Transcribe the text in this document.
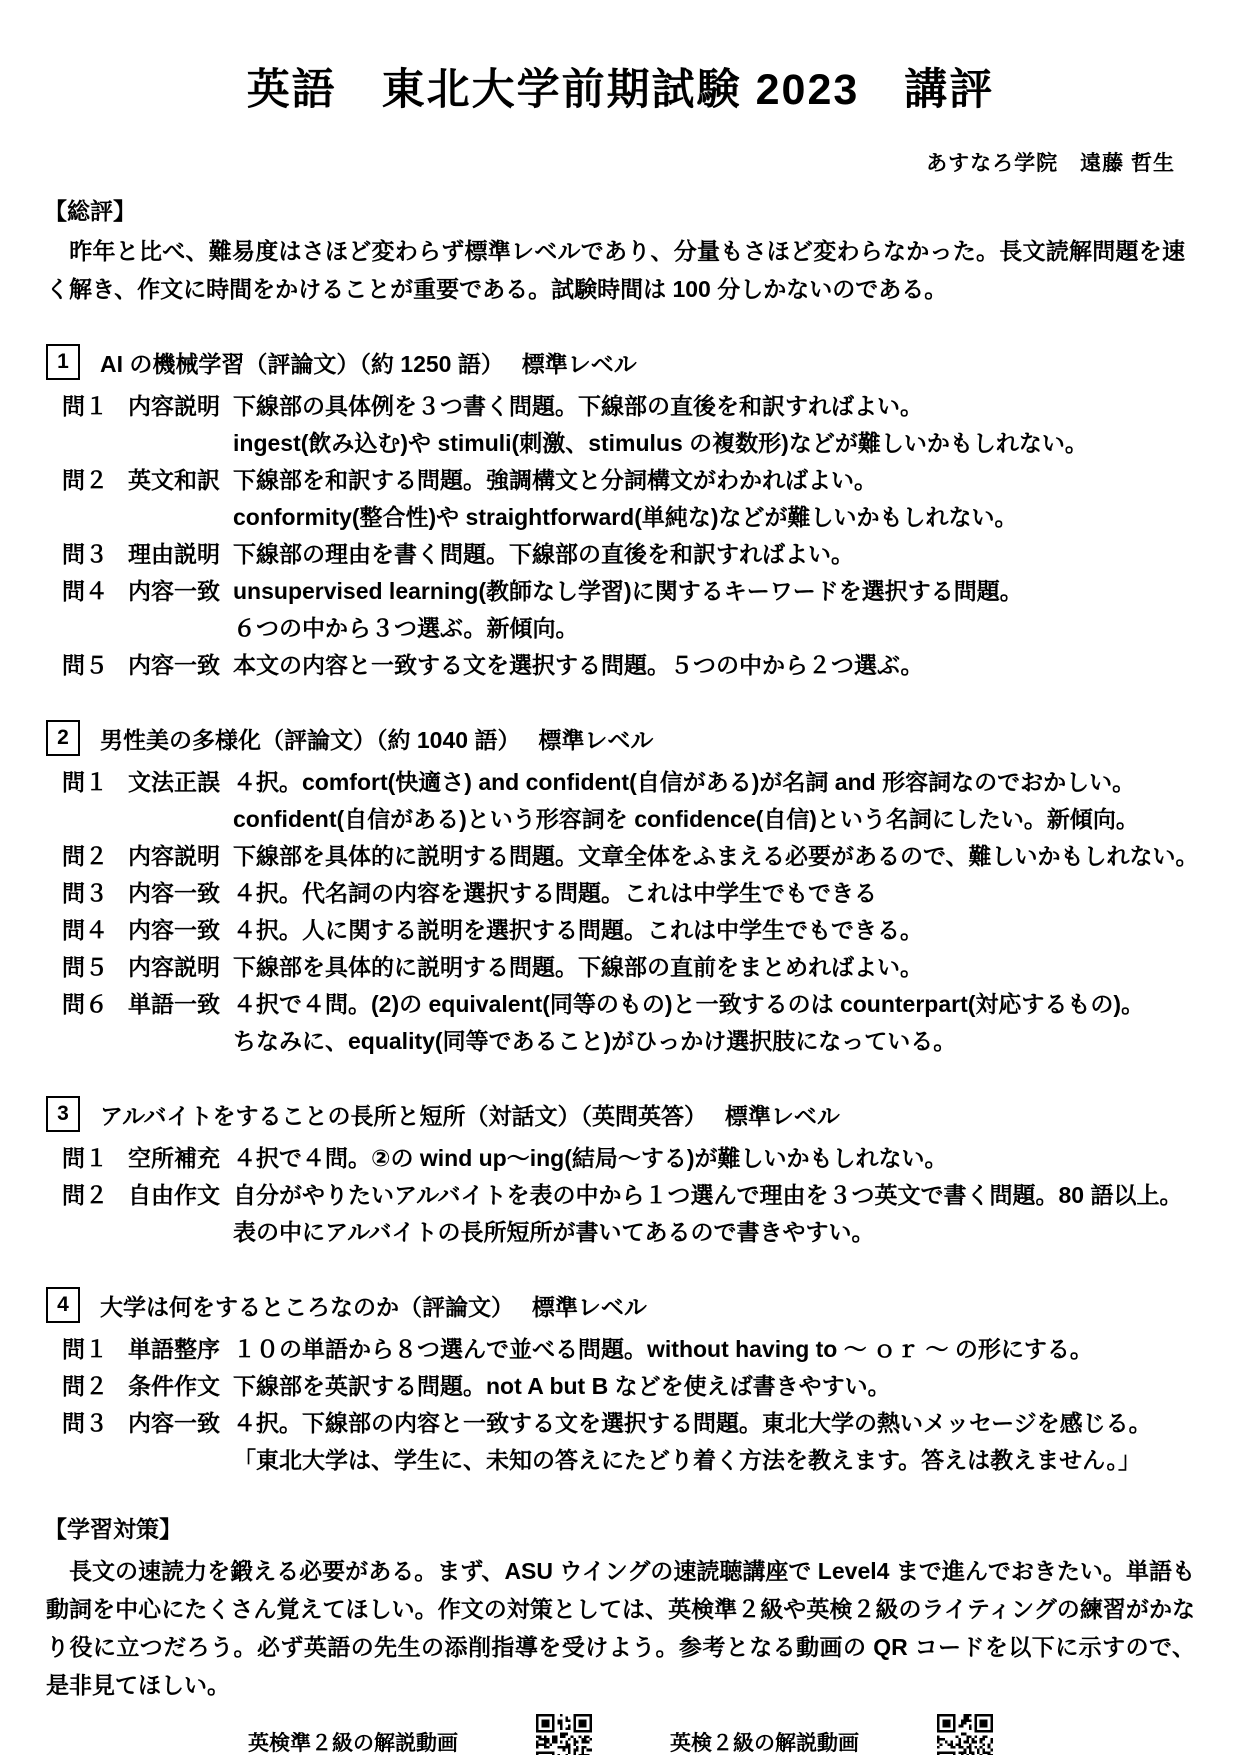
英語　東北大学前期試験 2023　講評
あすなろ学院　遠藤 哲生
【総評】
　昨年と比べ、難易度はさほど変わらず標準レベルであり、分量もさほど変わらなかった。長文読解問題を速く解き、作文に時間をかけることが重要である。試験時間は 100 分しかないのである。
1	AI の機械学習（評論文）（約 1250 語）　 標準レベル
問１ 内容説明 下線部の具体例を３つ書く問題。下線部の直後を和訳すればよい。
ingest(飲み込む)や stimuli(刺激、stimulus の複数形)などが難しいかもしれない。
問２ 英文和訳 下線部を和訳する問題。強調構文と分詞構文がわかればよい。
conformity(整合性)や straightforward(単純な)などが難しいかもしれない。
問３ 理由説明 下線部の理由を書く問題。下線部の直後を和訳すればよい。
問４ 内容一致 unsupervised learning(教師なし学習)に関するキーワードを選択する問題。
６つの中から３つ選ぶ。新傾向。
問５ 内容一致 本文の内容と一致する文を選択する問題。５つの中から２つ選ぶ。
2	男性美の多様化（評論文）（約 1040 語）　 標準レベル
問１ 文法正誤 ４択。comfort(快適さ) and confident(自信がある)が名詞 and 形容詞なのでおかしい。
confident(自信がある)という形容詞を confidence(自信)という名詞にしたい。新傾向。
問２ 内容説明 下線部を具体的に説明する問題。文章全体をふまえる必要があるので、難しいかもしれない。
問３ 内容一致 ４択。代名詞の内容を選択する問題。これは中学生でもできる
問４ 内容一致 ４択。人に関する説明を選択する問題。これは中学生でもできる。
問５ 内容説明 下線部を具体的に説明する問題。下線部の直前をまとめればよい。
問６ 単語一致 ４択で４問。(2)の equivalent(同等のもの)と一致するのは counterpart(対応するもの)。
ちなみに、equality(同等であること)がひっかけ選択肢になっている。
3	アルバイトをすることの長所と短所（対話文）（英問英答）　 標準レベル
問１ 空所補充 ４択で４問。②の wind up～ing(結局～する)が難しいかもしれない。
問２ 自由作文 自分がやりたいアルバイトを表の中から１つ選んで理由を３つ英文で書く問題。80 語以上。
表の中にアルバイトの長所短所が書いてあるので書きやすい。
4	大学は何をするところなのか（評論文）　 標準レベル
問１ 単語整序 １０の単語から８つ選んで並べる問題。without having to ～ ｏｒ ～ の形にする。
問２ 条件作文 下線部を英訳する問題。not A but B などを使えば書きやすい。
問３ 内容一致 ４択。下線部の内容と一致する文を選択する問題。東北大学の熱いメッセージを感じる。
「東北大学は、学生に、未知の答えにたどり着く方法を教えます。答えは教えません。」
【学習対策】
　長文の速読力を鍛える必要がある。まず、ASU ウイングの速読聴講座で Level4 まで進んでおきたい。単語も動詞を中心にたくさん覚えてほしい。作文の対策としては、英検準２級や英検２級のライティングの練習がかなり役に立つだろう。必ず英語の先生の添削指導を受けよう。参考となる動画の QR コードを以下に示すので、是非見てほしい。
英検準２級の解説動画	英検２級の解説動画
